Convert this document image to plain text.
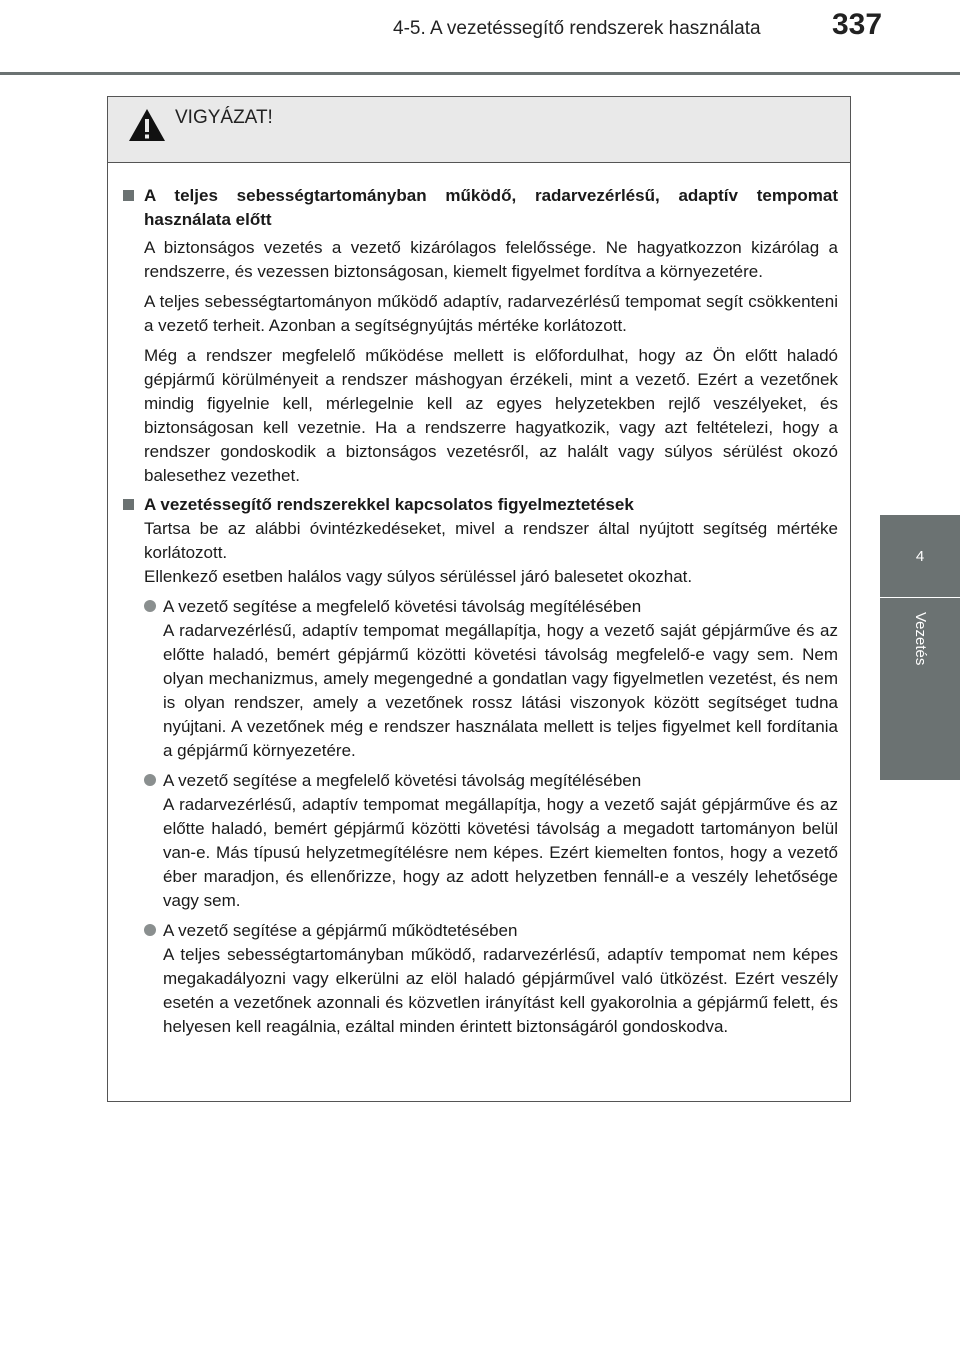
4-5. A vezetéssegítő rendszerek használata 337
4
Vezetés
VIGYÁZAT!

A teljes sebességtartományban működő, radarvezérlésű, adaptív tempomat használata előtt

A biztonságos vezetés a vezető kizárólagos felelőssége. Ne hagyatkozzon kizárólag a rendszerre, és vezessen biztonságosan, kiemelt figyelmet fordítva a környezetére.

A teljes sebességtartományon működő adaptív, radarvezérlésű tempomat segít csökkenteni a vezető terheit. Azonban a segítségnyújtás mértéke korlátozott.

Még a rendszer megfelelő működése mellett is előfordulhat, hogy az Ön előtt haladó gépjármű körülményeit a rendszer máshogyan érzékeli, mint a vezető. Ezért a vezetőnek mindig figyelnie kell, mérlegelnie kell az egyes helyzetekben rejlő veszélyeket, és biztonságosan kell vezetnie. Ha a rendszerre hagyatkozik, vagy azt feltételezi, hogy a rendszer gondoskodik a biztonságos vezetésről, az halált vagy súlyos sérülést okozó balesethez vezethet.

A vezetéssegítő rendszerekkel kapcsolatos figyelmeztetések

Tartsa be az alábbi óvintézkedéseket, mivel a rendszer által nyújtott segítség mértéke korlátozott.

Ellenkező esetben halálos vagy súlyos sérüléssel járó balesetet okozhat.

A vezető segítése a megfelelő követési távolság megítélésében

A radarvezérlésű, adaptív tempomat megállapítja, hogy a vezető saját gépjárműve és az előtte haladó, bemért gépjármű közötti követési távolság megfelelő-e vagy sem. Nem olyan mechanizmus, amely megengedné a gondatlan vagy figyelmetlen vezetést, és nem is olyan rendszer, amely a vezetőnek rossz látási viszonyok között segítséget tudna nyújtani. A vezetőnek még e rendszer használata mellett is teljes figyelmet kell fordítania a gépjármű környezetére.

A vezető segítése a megfelelő követési távolság megítélésében

A radarvezérlésű, adaptív tempomat megállapítja, hogy a vezető saját gépjárműve és az előtte haladó, bemért gépjármű közötti követési távolság a megadott tartományon belül van-e. Más típusú helyzetmegítélésre nem képes. Ezért kiemelten fontos, hogy a vezető éber maradjon, és ellenőrizze, hogy az adott helyzetben fennáll-e a veszély lehetősége vagy sem.

A vezető segítése a gépjármű működtetésében

A teljes sebességtartományban működő, radarvezérlésű, adaptív tempomat nem képes megakadályozni vagy elkerülni az elöl haladó gépjárművel való ütközést. Ezért veszély esetén a vezetőnek azonnali és közvetlen irányítást kell gyakorolnia a gépjármű felett, és helyesen kell reagálnia, ezáltal minden érintett biztonságáról gondoskodva.
